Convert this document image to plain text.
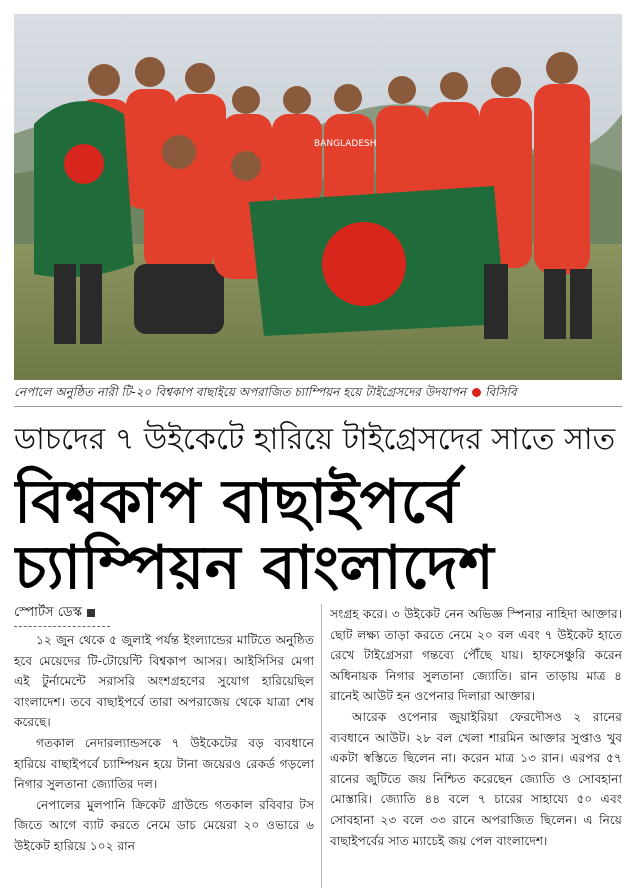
BANGLADESH
নেপালে অনুষ্ঠিত নারী টি-২০ বিশ্বকাপ বাছাইয়ে অপরাজিত চ্যাম্পিয়ন হয়ে টাইগ্রেসদের উদযাপন বিসিবি
ডাচদের ৭ উইকেটে হারিয়ে টাইগ্রেসদের সাতে সাত
বিশ্বকাপ বাছাইপর্বে
চ্যাম্পিয়ন বাংলাদেশ
স্পোর্টস ডেস্ক

১২ জুন থেকে ৫ জুলাই পর্যন্ত ইংল্যান্ডের মাটিতে অনুষ্ঠিত হবে মেয়েদের টি-টোয়েন্টি বিশ্বকাপ আসর। আইসিসির মেগা এই টুর্নামেন্টে সরাসরি অংশগ্রহণের সুযোগ হারিয়েছিল বাংলাদেশ। তবে বাছাইপর্বে তারা অপরাজেয় থেকে যাত্রা শেষ করেছে।

গতকাল নেদারল্যান্ডসকে ৭ উইকেটের বড় ব্যবধানে হারিয়ে বাছাইপর্বে চ্যাম্পিয়ন হয়ে টানা জয়েরও রেকর্ড গড়লো নিগার সুলতানা জ্যোতির দল।

নেপালের মুলপানি ক্রিকেট গ্রাউন্ডে গতকাল রবিবার টস জিতে আগে ব্যাট করতে নেমে ডাচ মেয়েরা ২০ ওভারে ৬ উইকেট হারিয়ে ১০২ রান

সংগ্রহ করে। ৩ উইকেট নেন অভিজ্ঞ স্পিনার নাহিদা আক্তার। ছোট লক্ষ্য তাড়া করতে নেমে ২০ বল এবং ৭ উইকেট হাতে রেখে টাইগ্রেসরা গন্তব্যে পৌঁছে যায়। হাফসেঞ্চুরি করেন অধিনায়ক নিগার সুলতানা জ্যোতি। রান তাড়ায় মাত্র ৪ রানেই আউট হন ওপেনার দিলারা আক্তার।

আরেক ওপেনার জুয়াইরিয়া ফেরদৌসও ২ রানের ব্যবধানে আউট। ২৮ বল খেলা শারমিন আক্তার সুপ্তাও খুব একটা স্বস্তিতে ছিলেন না। করেন মাত্র ১৩ রান। এরপর ৫৭ রানের জুটিতে জয় নিশ্চিত করেছেন জ্যোতি ও সোবহানা মোস্তারি। জ্যোতি ৪৪ বলে ৭ চারের সাহায্যে ৫০ এবং সোবহানা ২৩ বলে ৩৩ রানে অপরাজিত ছিলেন। এ নিয়ে বাছাইপর্বের সাত ম্যাচেই জয় পেল বাংলাদেশ।
